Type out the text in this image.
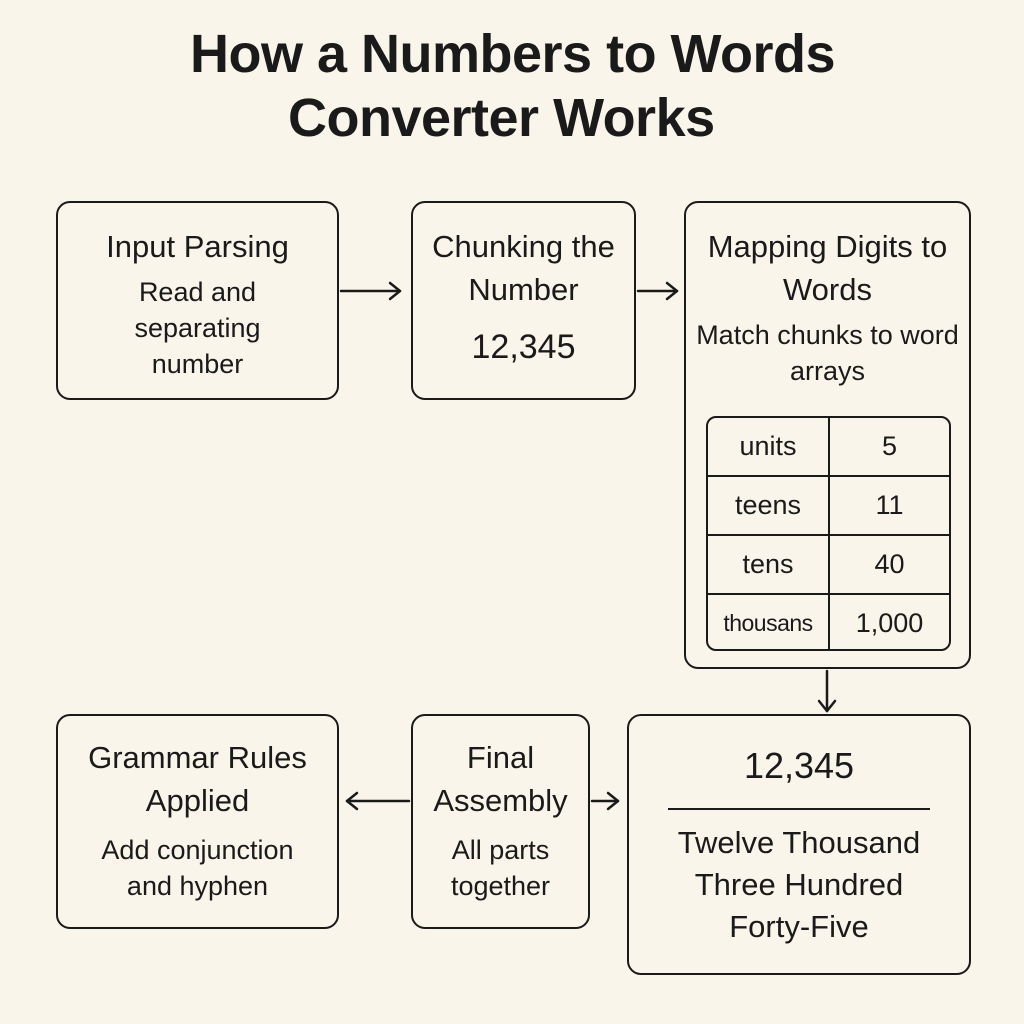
How a Numbers to Words
Converter Works
Input Parsing
Read and separating number
Chunking the Number
12,345
Mapping Digits to Words
Match chunks to word arrays
units	5
teens	11
tens	40
thousans	1,000
12,345
Twelve Thousand Three Hundred Forty-Five
Final Assembly
All parts together
Grammar Rules Applied
Add conjunction and hyphen
